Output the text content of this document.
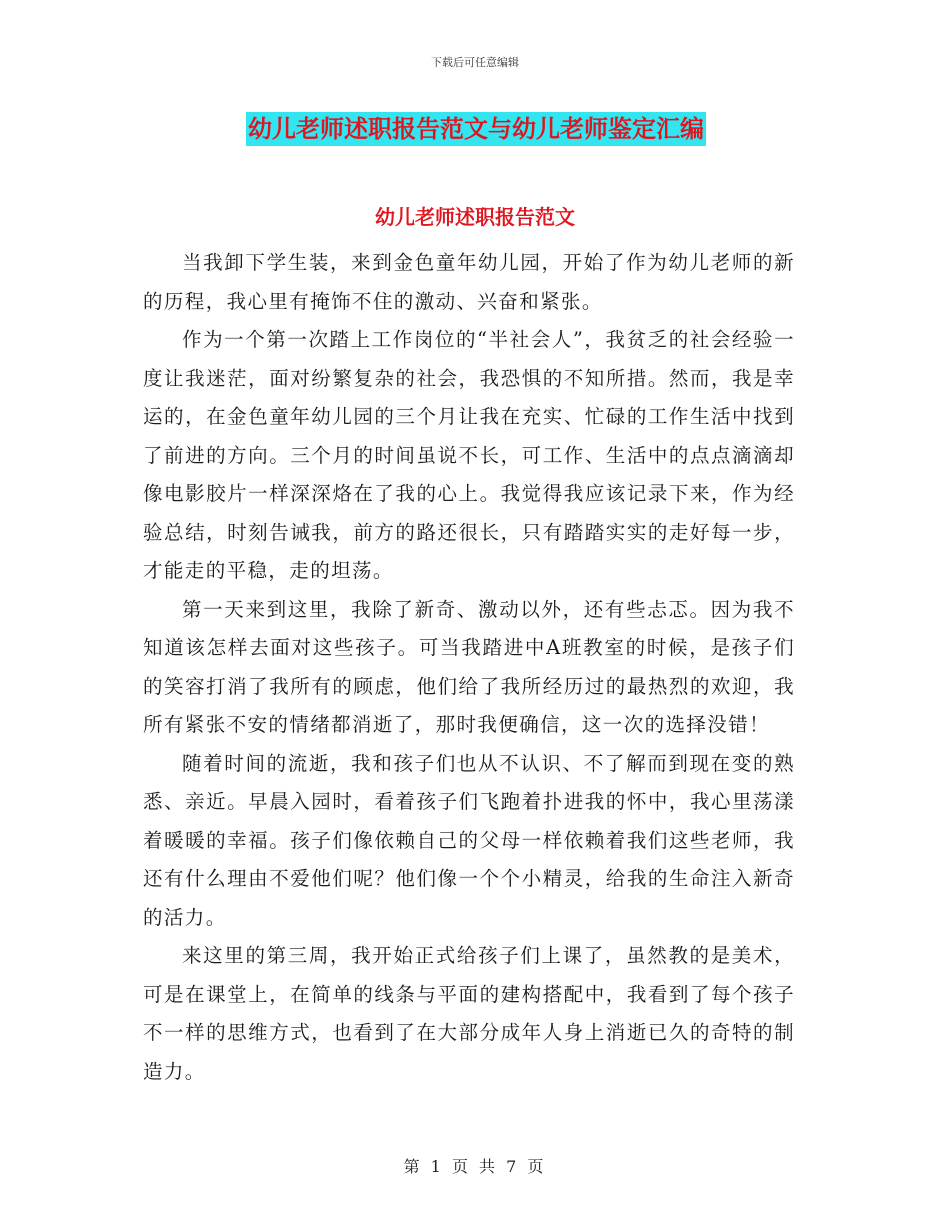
下载后可任意编辑
幼儿老师述职报告范文与幼儿老师鉴定汇编
幼儿老师述职报告范文

当我卸下学生装，来到金色童年幼儿园，开始了作为幼儿老师的新的历程，我心里有掩饰不住的激动、兴奋和紧张。

作为一个第一次踏上工作岗位的“半社会人”，我贫乏的社会经验一度让我迷茫，面对纷繁复杂的社会，我恐惧的不知所措。然而，我是幸运的，在金色童年幼儿园的三个月让我在充实、忙碌的工作生活中找到了前进的方向。三个月的时间虽说不长，可工作、生活中的点点滴滴却像电影胶片一样深深烙在了我的心上。我觉得我应该记录下来，作为经验总结，时刻告诫我，前方的路还很长，只有踏踏实实的走好每一步，才能走的平稳，走的坦荡。

第一天来到这里，我除了新奇、激动以外，还有些忐忑。因为我不知道该怎样去面对这些孩子。可当我踏进中A班教室的时候，是孩子们的笑容打消了我所有的顾虑，他们给了我所经历过的最热烈的欢迎，我所有紧张不安的情绪都消逝了，那时我便确信，这一次的选择没错！

随着时间的流逝，我和孩子们也从不认识、不了解而到现在变的熟悉、亲近。早晨入园时，看着孩子们飞跑着扑进我的怀中，我心里荡漾着暖暖的幸福。孩子们像依赖自己的父母一样依赖着我们这些老师，我还有什么理由不爱他们呢？他们像一个个小精灵，给我的生命注入新奇的活力。

来这里的第三周，我开始正式给孩子们上课了，虽然教的是美术，可是在课堂上，在简单的线条与平面的建构搭配中，我看到了每个孩子不一样的思维方式，也看到了在大部分成年人身上消逝已久的奇特的制造力。

第 1 页 共 7 页
